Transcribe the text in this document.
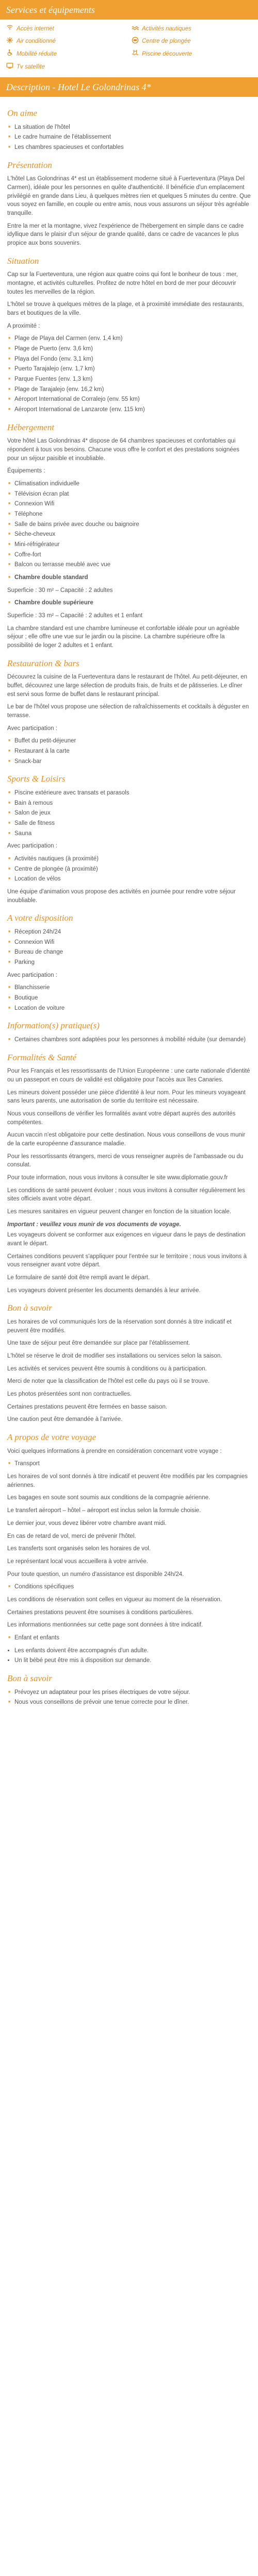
Services et équipements
Accès internet	Activités nautiques
Air conditionné	Centre de plongée
Mobilité réduite	Piscine découverte
Tv satellite
Description - Hotel Le Golondrinas 4*
On aime
■ La situation de l'hôtel
■ Le cadre humaine de l'établissement
■ Les chambres spacieuses et confortables
Présentation

L'hôtel Las Golondrinas 4* est un établissement moderne situé à Fuerteventura (Playa Del Carmen), idéale pour les personnes en quête d'authenticité. Il bénéficie d'un emplacement privilégié en grande dans Lieu, à quelques mètres rien et quelques 5 minutes du centre. Que vous soyez en famille, en couple ou entre amis, nous vous assurons un séjour très agréable tranquille.

Entre la mer et la montagne, vivez l'expérience de l'hébergement en simple dans ce cadre idyllique dans le plaisir d'un séjour de grande qualité, dans ce cadre de vacances le plus propice aux bons souvenirs.

Situation

Cap sur la Fuerteventura, une région aux quatre coins qui font le bonheur de tous : mer, montagne, et activités culturelles. Profitez de notre hôtel en bord de mer pour découvrir toutes les merveilles de la région.

L'hôtel se trouve à quelques mètres de la plage, et à proximité immédiate des restaurants, bars et boutiques de la ville.

A proximité :

■ Plage de Playa del Carmen (env. 1,4 km)
■ Plage de Puerto (env. 3,6 km)
■ Playa del Fondo (env. 3,1 km)
■ Puerto Tarajalejo (env. 1,7 km)
■ Parque Fuentes (env. 1,3 km)
■ Plage de Tarajalejo (env. 16,2 km)
■ Aéroport International de Corralejo (env. 55 km)
■ Aéroport International de Lanzarote (env. 115 km)
Hébergement

Votre hôtel Las Golondrinas 4* dispose de 64 chambres spacieuses et confortables qui répondent à tous vos besoins. Chacune vous offre le confort et des prestations soignées pour un séjour paisible et inoubliable.

Équipements :

■ Climatisation individuelle
■ Télévision écran plat
■ Connexion Wifi
■ Téléphone
■ Salle de bains privée avec douche ou baignoire
■ Sèche-cheveux
■ Mini-réfrigérateur
■ Coffre-fort
■ Balcon ou terrasse meublé avec vue
■ Chambre double standard

Superficie : 30 m² – Capacité : 2 adultes

■ Chambre double supérieure

Superficie : 33 m² – Capacité : 2 adultes et 1 enfant

La chambre standard est une chambre lumineuse et confortable idéale pour un agréable séjour ; elle offre une vue sur le jardin ou la piscine. La chambre supérieure offre la possibilité de loger 2 adultes et 1 enfant.

Restauration & bars

Découvrez la cuisine de la Fuerteventura dans le restaurant de l'hôtel. Au petit-déjeuner, en buffet, découvrez une large sélection de produits frais, de fruits et de pâtisseries. Le dîner est servi sous forme de buffet dans le restaurant principal.

Le bar de l'hôtel vous propose une sélection de rafraîchissements et cocktails à déguster en terrasse.

Avec participation :

■ Buffet du petit-déjeuner
■ Restaurant à la carte
■ Snack-bar
Sports & Loisirs
■ Piscine extérieure avec transats et parasols
■ Bain à remous
■ Salon de jeux
■ Salle de fitness
■ Sauna

Avec participation :

■ Activités nautiques (à proximité)
■ Centre de plongée (à proximité)
■ Location de vélos

Une équipe d'animation vous propose des activités en journée pour rendre votre séjour inoubliable.

A votre disposition
■ Réception 24h/24
■ Connexion Wifi
■ Bureau de change
■ Parking

Avec participation :

■ Blanchisserie
■ Boutique
■ Location de voiture
Information(s) pratique(s)
■ Certaines chambres sont adaptées pour les personnes à mobilité réduite (sur demande)
Formalités & Santé

Pour les Français et les ressortissants de l'Union Européenne : une carte nationale d'identité ou un passeport en cours de validité est obligatoire pour l'accès aux îles Canaries.

Les mineurs doivent posséder une pièce d'identité à leur nom. Pour les mineurs voyageant sans leurs parents, une autorisation de sortie du territoire est nécessaire.

Nous vous conseillons de vérifier les formalités avant votre départ auprès des autorités compétentes.

Aucun vaccin n'est obligatoire pour cette destination. Nous vous conseillons de vous munir de la carte européenne d'assurance maladie.

Pour les ressortissants étrangers, merci de vous renseigner auprès de l'ambassade ou du consulat.

Pour toute information, nous vous invitons à consulter le site www.diplomatie.gouv.fr

Les conditions de santé peuvent évoluer ; nous vous invitons à consulter régulièrement les sites officiels avant votre départ.

Les mesures sanitaires en vigueur peuvent changer en fonction de la situation locale.

Important : veuillez vous munir de vos documents de voyage.

Les voyageurs doivent se conformer aux exigences en vigueur dans le pays de destination avant le départ.

Certaines conditions peuvent s'appliquer pour l'entrée sur le territoire ; nous vous invitons à vous renseigner avant votre départ.

Le formulaire de santé doit être rempli avant le départ.

Les voyageurs doivent présenter les documents demandés à leur arrivée.

Bon à savoir

Les horaires de vol communiqués lors de la réservation sont donnés à titre indicatif et peuvent être modifiés.

Une taxe de séjour peut être demandée sur place par l'établissement.

L'hôtel se réserve le droit de modifier ses installations ou services selon la saison.

Les activités et services peuvent être soumis à conditions ou à participation.

Merci de noter que la classification de l'hôtel est celle du pays où il se trouve.

Les photos présentées sont non contractuelles.

Certaines prestations peuvent être fermées en basse saison.

Une caution peut être demandée à l'arrivée.

A propos de votre voyage

Voici quelques informations à prendre en considération concernant votre voyage :

■ Transport

Les horaires de vol sont donnés à titre indicatif et peuvent être modifiés par les compagnies aériennes.

Les bagages en soute sont soumis aux conditions de la compagnie aérienne.

Le transfert aéroport – hôtel – aéroport est inclus selon la formule choisie.

Le dernier jour, vous devez libérer votre chambre avant midi.

En cas de retard de vol, merci de prévenir l'hôtel.

Les transferts sont organisés selon les horaires de vol.

Le représentant local vous accueillera à votre arrivée.

Pour toute question, un numéro d'assistance est disponible 24h/24.

■ Conditions spécifiques

Les conditions de réservation sont celles en vigueur au moment de la réservation.

Certaines prestations peuvent être soumises à conditions particulières.

Les informations mentionnées sur cette page sont données à titre indicatif.

■ Enfant et enfants
• Les enfants doivent être accompagnés d'un adulte.
• Un lit bébé peut être mis à disposition sur demande.
Bon à savoir
■ Prévoyez un adaptateur pour les prises électriques de votre séjour.
■ Nous vous conseillons de prévoir une tenue correcte pour le dîner.
